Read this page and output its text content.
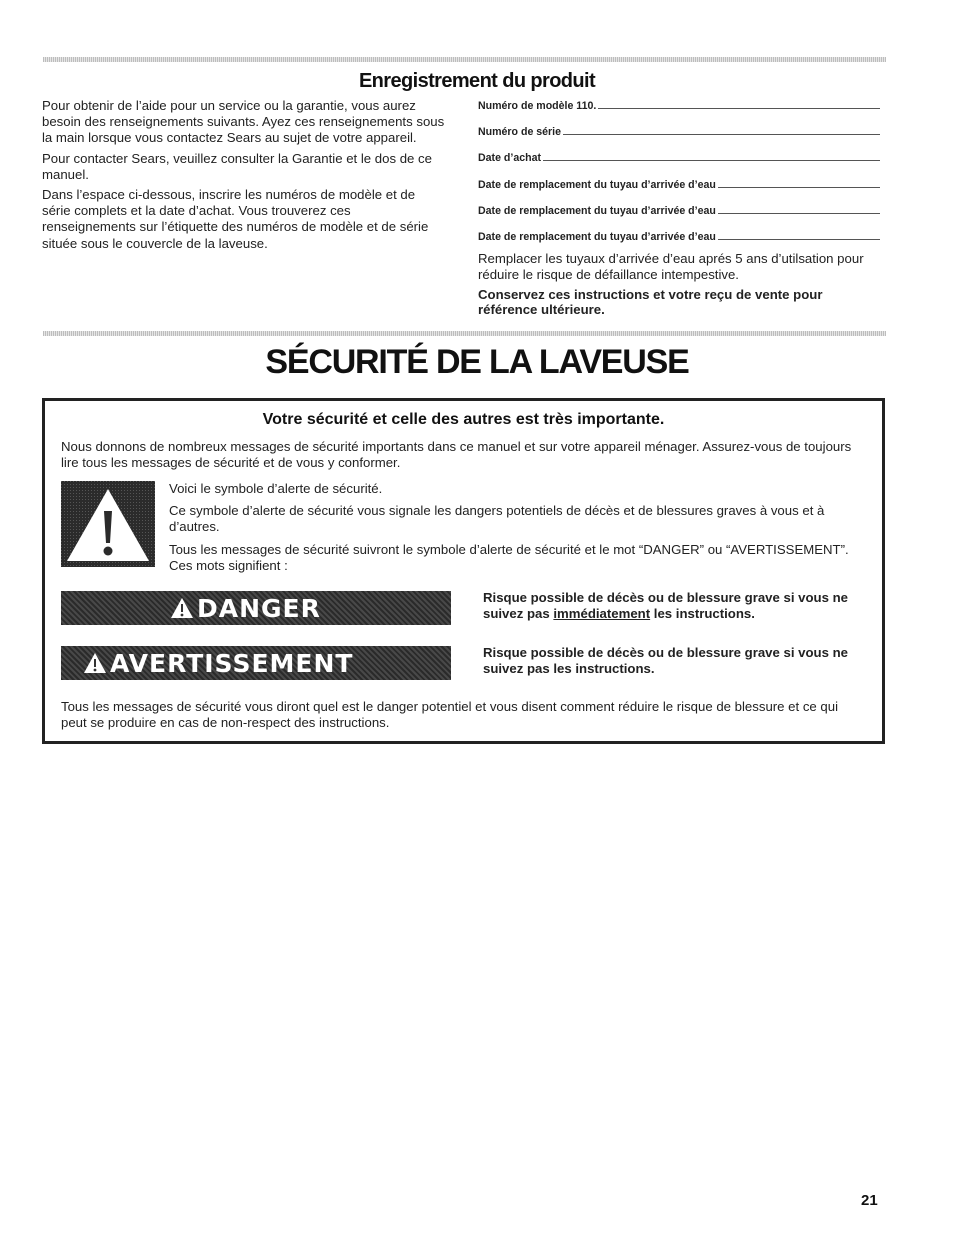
Enregistrement du produit

Pour obtenir de l’aide pour un service ou la garantie, vous aurez besoin des renseignements suivants. Ayez ces renseignements sous la main lorsque vous contactez Sears au sujet de votre appareil.

Pour contacter Sears, veuillez consulter la Garantie et le dos de ce manuel.

Dans l’espace ci-dessous, inscrire les numéros de modèle et de série complets et la date d’achat. Vous trouverez ces renseignements sur l’étiquette des numéros de modèle et de série située sous le couvercle de la laveuse.

Numéro de modèle 110.
Numéro de série
Date d’achat
Date de remplacement du tuyau d’arrivée d’eau
Date de remplacement du tuyau d’arrivée d’eau
Date de remplacement du tuyau d’arrivée d’eau

Remplacer les tuyaux d’arrivée d’eau aprés 5 ans d’utilsation pour réduire le risque de défaillance intempestive.

Conservez ces instructions et votre reçu de vente pour référence ultérieure.

SÉCURITÉ DE LA LAVEUSE
Votre sécurité et celle des autres est très importante.
Nous donnons de nombreux messages de sécurité importants dans ce manuel et sur votre appareil ménager. Assurez-vous de toujours lire tous les messages de sécurité et de vous y conformer.

Voici le symbole d’alerte de sécurité.

Ce symbole d’alerte de sécurité vous signale les dangers potentiels de décès et de blessures graves à vous et à d’autres.

Tous les messages de sécurité suivront le symbole d’alerte de sécurité et le mot “DANGER” ou “AVERTISSEMENT”. Ces mots signifient :

DANGER	Risque possible de décès ou de blessure grave si vous ne suivez pas immédiatement les instructions.
AVERTISSEMENT	Risque possible de décès ou de blessure grave si vous ne suivez pas les instructions.
Tous les messages de sécurité vous diront quel est le danger potentiel et vous disent comment réduire le risque de blessure et ce qui peut se produire en cas de non-respect des instructions.
21
